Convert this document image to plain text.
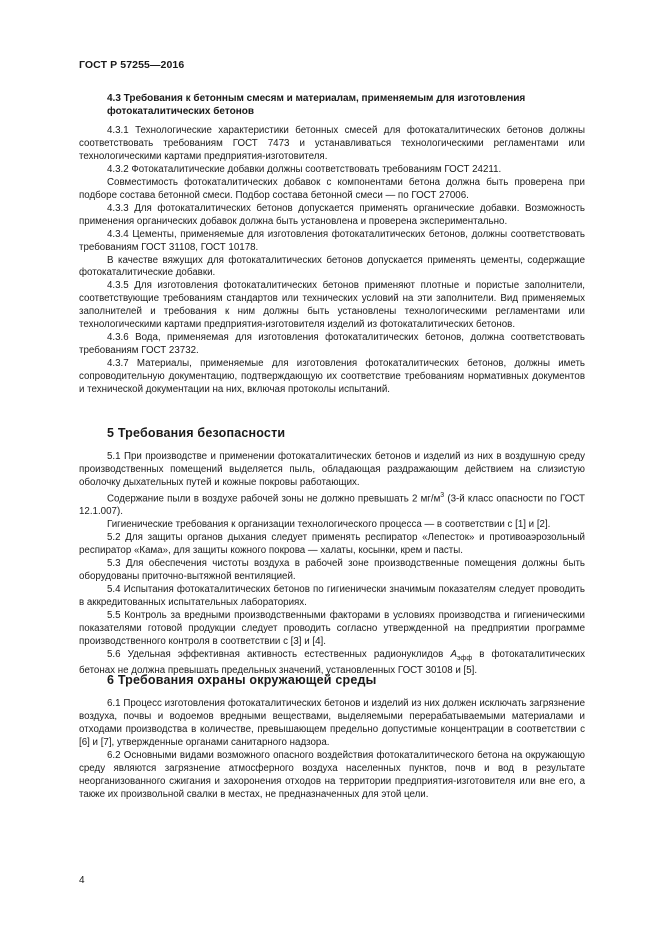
ГОСТ Р 57255—2016
4.3 Требования к бетонным смесям и материалам, применяемым для изготовления фотокаталитических бетонов

4.3.1 Технологические характеристики бетонных смесей для фотокаталитических бетонов должны соответствовать требованиям ГОСТ 7473 и устанавливаться технологическими регламентами или технологическими картами предприятия-изготовителя.

4.3.2 Фотокаталитические добавки должны соответствовать требованиям ГОСТ 24211.

Совместимость фотокаталитических добавок с компонентами бетона должна быть проверена при подборе состава бетонной смеси. Подбор состава бетонной смеси — по ГОСТ 27006.

4.3.3 Для фотокаталитических бетонов допускается применять органические добавки. Возможность применения органических добавок должна быть установлена и проверена экспериментально.

4.3.4 Цементы, применяемые для изготовления фотокаталитических бетонов, должны соответствовать требованиям ГОСТ 31108, ГОСТ 10178.

В качестве вяжущих для фотокаталитических бетонов допускается применять цементы, содержащие фотокаталитические добавки.

4.3.5 Для изготовления фотокаталитических бетонов применяют плотные и пористые заполнители, соответствующие требованиям стандартов или технических условий на эти заполнители. Вид применяемых заполнителей и требования к ним должны быть установлены технологическими регламентами или технологическими картами предприятия-изготовителя изделий из фотокаталитических бетонов.

4.3.6 Вода, применяемая для изготовления фотокаталитических бетонов, должна соответствовать требованиям ГОСТ 23732.

4.3.7 Материалы, применяемые для изготовления фотокаталитических бетонов, должны иметь сопроводительную документацию, подтверждающую их соответствие требованиям нормативных документов и технической документации на них, включая протоколы испытаний.

5 Требования безопасности

5.1 При производстве и применении фотокаталитических бетонов и изделий из них в воздушную среду производственных помещений выделяется пыль, обладающая раздражающим действием на слизистую оболочку дыхательных путей и кожные покровы работающих.

Содержание пыли в воздухе рабочей зоны не должно превышать 2 $мг/м^3$ (3-й класс опасности по ГОСТ 12.1.007).

Гигиенические требования к организации технологического процесса — в соответствии с [1] и [2].

5.2 Для защиты органов дыхания следует применять респиратор «Лепесток» и противоаэрозольный респиратор «Кама», для защиты кожного покрова — халаты, косынки, крем и пасты.

5.3 Для обеспечения чистоты воздуха в рабочей зоне производственные помещения должны быть оборудованы приточно-вытяжной вентиляцией.

5.4 Испытания фотокаталитических бетонов по гигиенически значимым показателям следует проводить в аккредитованных испытательных лабораториях.

5.5 Контроль за вредными производственными факторами в условиях производства и гигиеническими показателями готовой продукции следует проводить согласно утвержденной на предприятии программе производственного контроля в соответствии с [3] и [4].

5.6 Удельная эффективная активность естественных радионуклидов $A_{эфф}$ в фотокаталитических бетонах не должна превышать предельных значений, установленных ГОСТ 30108 и [5].

6 Требования охраны окружающей среды

6.1 Процесс изготовления фотокаталитических бетонов и изделий из них должен исключать загрязнение воздуха, почвы и водоемов вредными веществами, выделяемыми перерабатываемыми материалами и отходами производства в количестве, превышающем предельно допустимые концентрации в соответствии с [6] и [7], утвержденные органами санитарного надзора.

6.2 Основными видами возможного опасного воздействия фотокаталитического бетона на окружающую среду являются загрязнение атмосферного воздуха населенных пунктов, почв и вод в результате неорганизованного сжигания и захоронения отходов на территории предприятия-изготовителя или вне его, а также их произвольной свалки в местах, не предназначенных для этой цели.

4
